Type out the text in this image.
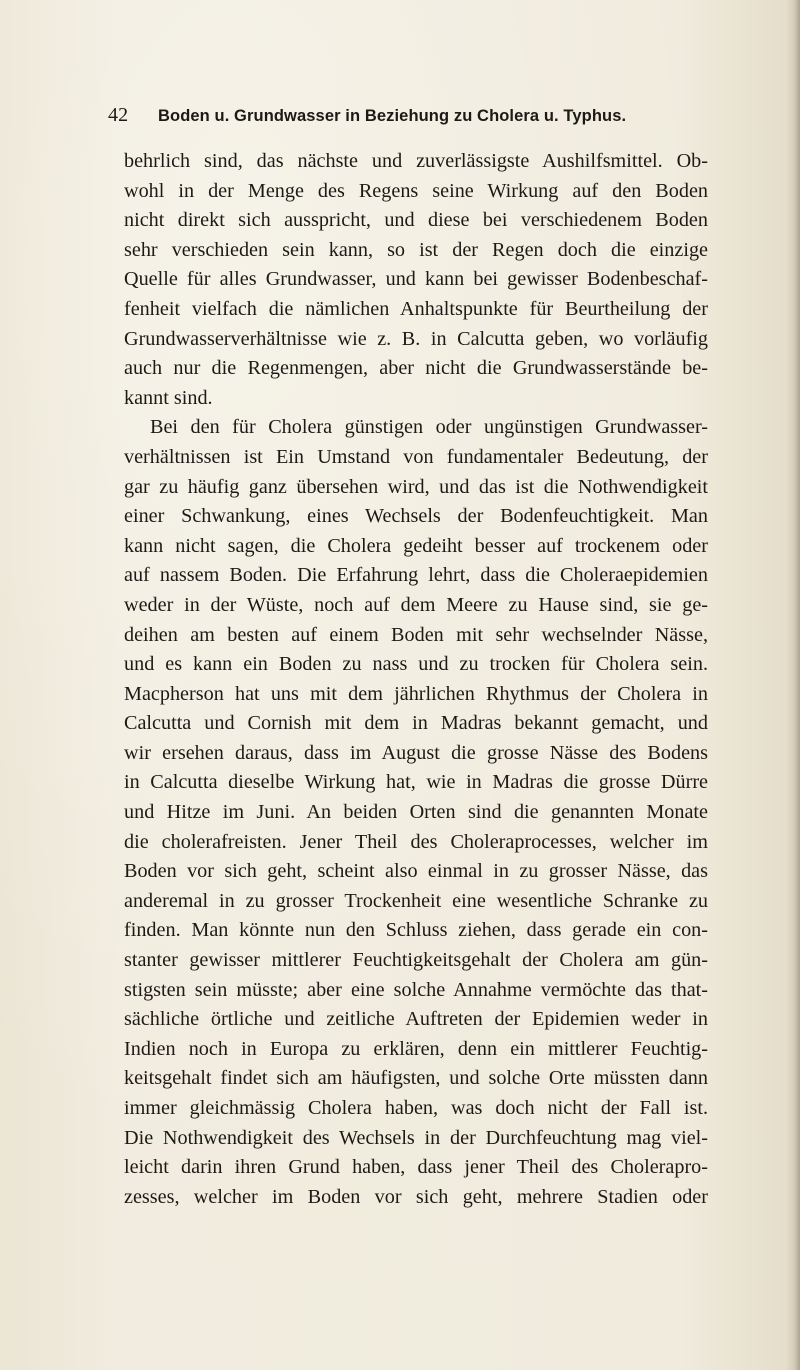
42	Boden u. Grundwasser in Beziehung zu Cholera u. Typhus.
behrlich sind, das nächste und zuverlässigste Aushilfsmittel. Ob-
wohl in der Menge des Regens seine Wirkung auf den Boden
nicht direkt sich ausspricht, und diese bei verschiedenem Boden
sehr verschieden sein kann, so ist der Regen doch die einzige
Quelle für alles Grundwasser, und kann bei gewisser Bodenbeschaf-
fenheit vielfach die nämlichen Anhaltspunkte für Beurtheilung der
Grundwasserverhältnisse wie z. B. in Calcutta geben, wo vorläufig
auch nur die Regenmengen, aber nicht die Grundwasserstände be-
kannt sind.
Bei den für Cholera günstigen oder ungünstigen Grundwasser-
verhältnissen ist Ein Umstand von fundamentaler Bedeutung, der
gar zu häufig ganz übersehen wird, und das ist die Nothwendigkeit
einer Schwankung, eines Wechsels der Bodenfeuchtigkeit. Man
kann nicht sagen, die Cholera gedeiht besser auf trockenem oder
auf nassem Boden. Die Erfahrung lehrt, dass die Choleraepidemien
weder in der Wüste, noch auf dem Meere zu Hause sind, sie ge-
deihen am besten auf einem Boden mit sehr wechselnder Nässe,
und es kann ein Boden zu nass und zu trocken für Cholera sein.
Macpherson hat uns mit dem jährlichen Rhythmus der Cholera in
Calcutta und Cornish mit dem in Madras bekannt gemacht, und
wir ersehen daraus, dass im August die grosse Nässe des Bodens
in Calcutta dieselbe Wirkung hat, wie in Madras die grosse Dürre
und Hitze im Juni. An beiden Orten sind die genannten Monate
die cholerafreisten. Jener Theil des Choleraprocesses, welcher im
Boden vor sich geht, scheint also einmal in zu grosser Nässe, das
anderemal in zu grosser Trockenheit eine wesentliche Schranke zu
finden. Man könnte nun den Schluss ziehen, dass gerade ein con-
stanter gewisser mittlerer Feuchtigkeitsgehalt der Cholera am gün-
stigsten sein müsste; aber eine solche Annahme vermöchte das that-
sächliche örtliche und zeitliche Auftreten der Epidemien weder in
Indien noch in Europa zu erklären, denn ein mittlerer Feuchtig-
keitsgehalt findet sich am häufigsten, und solche Orte müssten dann
immer gleichmässig Cholera haben, was doch nicht der Fall ist.
Die Nothwendigkeit des Wechsels in der Durchfeuchtung mag viel-
leicht darin ihren Grund haben, dass jener Theil des Cholerapro-
zesses, welcher im Boden vor sich geht, mehrere Stadien oder
